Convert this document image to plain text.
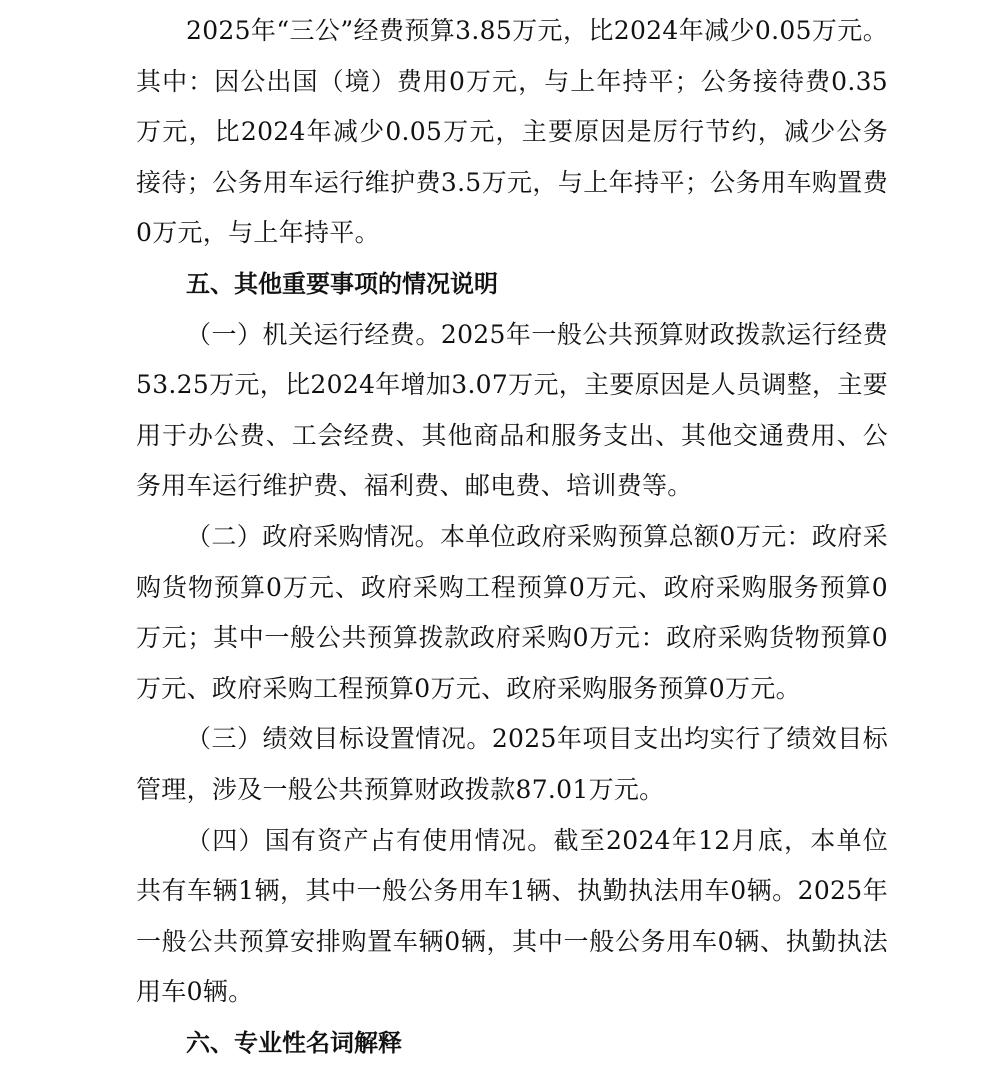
2025年“三公”经费预算3.85万元，比2024年减少0.05万元。其中：因公出国（境）费用0万元，与上年持平；公务接待费0.35万元，比2024年减少0.05万元，主要原因是厉行节约，减少公务接待；公务用车运行维护费3.5万元，与上年持平；公务用车购置费0万元，与上年持平。

五、其他重要事项的情况说明

（一）机关运行经费。2025年一般公共预算财政拨款运行经费53.25万元，比2024年增加3.07万元，主要原因是人员调整，主要用于办公费、工会经费、其他商品和服务支出、其他交通费用、公务用车运行维护费、福利费、邮电费、培训费等。

（二）政府采购情况。本单位政府采购预算总额0万元：政府采购货物预算0万元、政府采购工程预算0万元、政府采购服务预算0万元；其中一般公共预算拨款政府采购0万元：政府采购货物预算0万元、政府采购工程预算0万元、政府采购服务预算0万元。

（三）绩效目标设置情况。2025年项目支出均实行了绩效目标管理，涉及一般公共预算财政拨款87.01万元。

（四）国有资产占有使用情况。截至2024年12月底，本单位共有车辆1辆，其中一般公务用车1辆、执勤执法用车0辆。2025年一般公共预算安排购置车辆0辆，其中一般公务用车0辆、执勤执法用车0辆。

六、专业性名词解释
